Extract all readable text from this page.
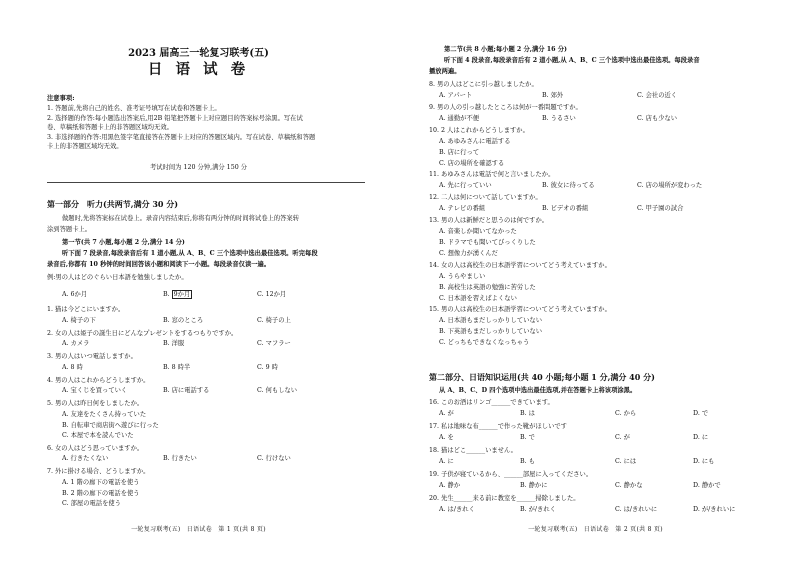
2023 届高三一轮复习联考(五)
日 语 试 卷
注意事项:
1. 答题前,先将自己的姓名、准考证号填写在试卷和答题卡上。
2. 选择题的作答:每小题选出答案后,用2B 铅笔把答题卡上对应题目的答案标号涂黑。写在试
卷、草稿纸和答题卡上的非答题区域均无效。
3. 非选择题的作答:用黑色签字笔直接答在答题卡上对应的答题区域内。写在试卷、草稿纸和答题
卡上的非答题区域均无效。
考试时间为 120 分钟,满分 150 分
第一部分　听力(共两节,满分 30 分)
做题时,先将答案标在试卷上。录音内容结束后,你将有两分钟的时间将试卷上的答案转
涂到答题卡上。
第一节(共 7 小题,每小题 2 分,满分 14 分)
听下面 7 段录音,每段录音后有 1 道小题,从 A、B、C 三个选项中选出最佳选项。听完每段
录音后,你都有 10 秒钟的时间回答该小题和阅读下一小题。每段录音仅读一遍。
例:男の人はどのぐらい日本語を勉強しましたか。
A. 6か月	B. 9か月	C. 12か月
1. 猫は今どこにいますか。
A. 椅子の下	B. 窓のところ	C. 椅子の上
2. 女の人は姫子の誕生日にどんなプレゼントをするつもりですか。
A. カメラ	B. 洋服	C. マフラー
3. 男の人はいつ電話しますか。
A. 8 時	B. 8 時半	C. 9 時
4. 男の人はこれからどうしますか。
A. 宝くじを買っていく	B. 店に電話する	C. 何もしない
5. 男の人は昨日何をしましたか。
A. 友達をたくさん持っていた
B. 自転車で商店街へ遊びに行った
C. 本屋で本を読んでいた
6. 女の人はどう思っていますか。
A. 行きたくない	B. 行きたい	C. 行けない
7. 外に掛ける場合、どうしますか。
A. 1 階の廊下の電話を使う
B. 2 階の廊下の電話を使う
C. 部屋の電話を使う
一轮复习联考(五)　日语试卷　第 1 页(共 8 页)
第二节(共 8 小题;每小题 2 分,满分 16 分)
听下面 4 段录音,每段录音后有 2 道小题,从 A、B、C 三个选项中选出最佳选项。每段录音
播放两遍。
8. 男の人はどこに引っ越しましたか。
A. アパート	B. 郊外	C. 会社の近く
9. 男の人の引っ越したところは何が一番問題ですか。
A. 通勤が不便	B. うるさい	C. 店も少ない
10. 2 人はこれからどうしますか。
A. あゆみさんに電話する
B. 店に行って
C. 店の場所を確認する
11. あゆみさんは電話で何と言いましたか。
A. 先に行っていい	B. 彼女に待ってる	C. 店の場所が変わった
12. 二人は何について話していますか。
A. テレビの番組	B. ビデオの番組	C. 甲子園の試合
13. 男の人は新鮮だと思うのは何ですか。
A. 音楽しか聞いてなかった
B. ドラマでも聞いてびっくりした
C. 想像力が湧くんだ
14. 女の人は高校生の日本語学習についてどう考えていますか。
A. うらやましい
B. 高校生は英語の勉強に苦労した
C. 日本語を習えばよくない
15. 男の人は高校生の日本語学習についてどう考えていますか。
A. 日本語もまだしっかりしていない
B. 下英語もまだしっかりしていない
C. どっちもできなくなっちゃう
第二部分、日语知识运用(共 40 小题;每小题 1 分,满分 40 分)
从 A、B、C、D 四个选项中选出最佳选项,并在答题卡上将该项涂黑。
16. このお酒はリンゴ______できています。
A. が	B. は	C. から	D. で
17. 私は地味な布______で作った靴がほしいです
A. を	B. で	C. が	D. に
18. 猫はどこ______いません。
A. に	B. も	C. には	D. にも
19. 子供が寝ているから、______部屋に入ってください。
A. 静か	B. 静かに	C. 静かな	D. 静かで
20. 先生______来る前に教室を______掃除しました。
A. は/きれく	B. が/きれく	C. は/きれいに	D. が/きれいに
一轮复习联考(五)　日语试卷　第 2 页(共 8 页)
